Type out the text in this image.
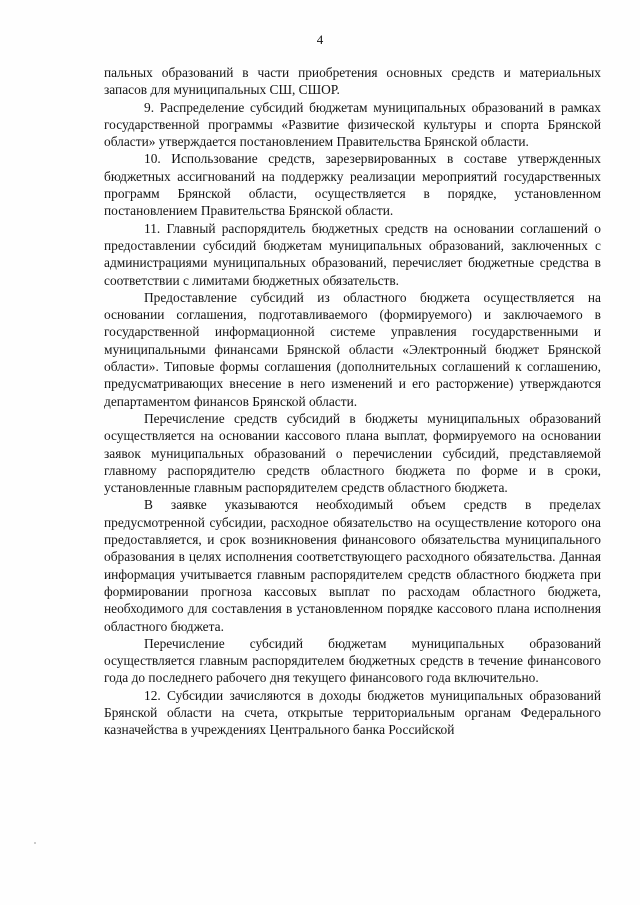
4

пальных образований в части приобретения основных средств и материальных запасов для муниципальных СШ, СШОР.

9. Распределение субсидий бюджетам муниципальных образований в рамках государственной программы «Развитие физической культуры и спорта Брянской области» утверждается постановлением Правительства Брянской области.

10. Использование средств, зарезервированных в составе утвержденных бюджетных ассигнований на поддержку реализации мероприятий государственных программ Брянской области, осуществляется в порядке, установленном постановлением Правительства Брянской области.

11. Главный распорядитель бюджетных средств на основании соглашений о предоставлении субсидий бюджетам муниципальных образований, заключенных с администрациями муниципальных образований, перечисляет бюджетные средства в соответствии с лимитами бюджетных обязательств.

Предоставление субсидий из областного бюджета осуществляется на основании соглашения, подготавливаемого (формируемого) и заключаемого в государственной информационной системе управления государственными и муниципальными финансами Брянской области «Электронный бюджет Брянской области». Типовые формы соглашения (дополнительных соглашений к соглашению, предусматривающих внесение в него изменений и его расторжение) утверждаются департаментом финансов Брянской области.

Перечисление средств субсидий в бюджеты муниципальных образований осуществляется на основании кассового плана выплат, формируемого на основании заявок муниципальных образований о перечислении субсидий, представляемой главному распорядителю средств областного бюджета по форме и в сроки, установленные главным распорядителем средств областного бюджета.

В заявке указываются необходимый объем средств в пределах предусмотренной субсидии, расходное обязательство на осуществление которого она предоставляется, и срок возникновения финансового обязательства муниципального образования в целях исполнения соответствующего расходного обязательства. Данная информация учитывается главным распорядителем средств областного бюджета при формировании прогноза кассовых выплат по расходам областного бюджета, необходимого для составления в установленном порядке кассового плана исполнения областного бюджета.

Перечисление субсидий бюджетам муниципальных образований осуществляется главным распорядителем бюджетных средств в течение финансового года до последнего рабочего дня текущего финансового года включительно.

12. Субсидии зачисляются в доходы бюджетов муниципальных образований Брянской области на счета, открытые территориальным органам Федерального казначейства в учреждениях Центрального банка Российской
